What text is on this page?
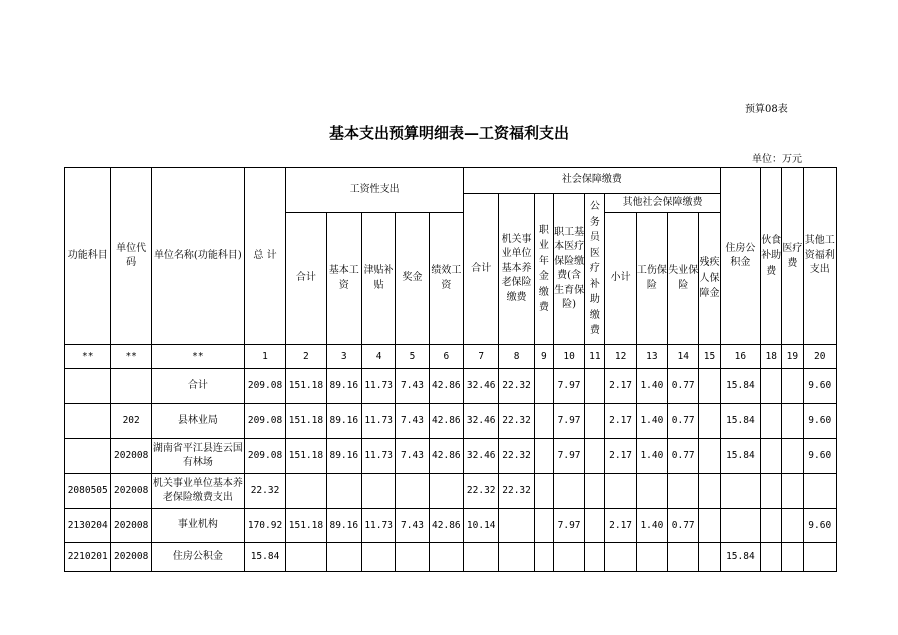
预算08表
基本支出预算明细表—工资福利支出
单位：万元
功能科目	单位代码	单位名称(功能科目)	总 计	工资性支出					社会保障缴费									住房公积金	伙食补助费	医疗费	其他工资福利支出
									合计	机关事业单位基本养老保险缴费	职业年金缴费	职工基本医疗保险缴费(含生育保险)	公务员医疗补助缴费	其他社会保障缴费							
				合计	基本工资	津贴补贴	奖金	绩效工资						小计	工伤保险	失业保险	残疾人保障金				

**	**	**	1	2	3	4	5	6	7	8	9	10	11	12	13	14	15	16	18	19	20
		合计	209.08	151.18	89.16	11.73	7.43	42.86	32.46	22.32		7.97		2.17	1.40	0.77		15.84			9.60
	202	县林业局	209.08	151.18	89.16	11.73	7.43	42.86	32.46	22.32		7.97		2.17	1.40	0.77		15.84			9.60
	202008	湖南省平江县连云国有林场	209.08	151.18	89.16	11.73	7.43	42.86	32.46	22.32		7.97		2.17	1.40	0.77		15.84			9.60
2080505	202008	机关事业单位基本养老保险缴费支出	22.32						22.32	22.32											
2130204	202008	事业机构	170.92	151.18	89.16	11.73	7.43	42.86	10.14			7.97		2.17	1.40	0.77					9.60
2210201	202008	住房公积金	15.84															15.84			
